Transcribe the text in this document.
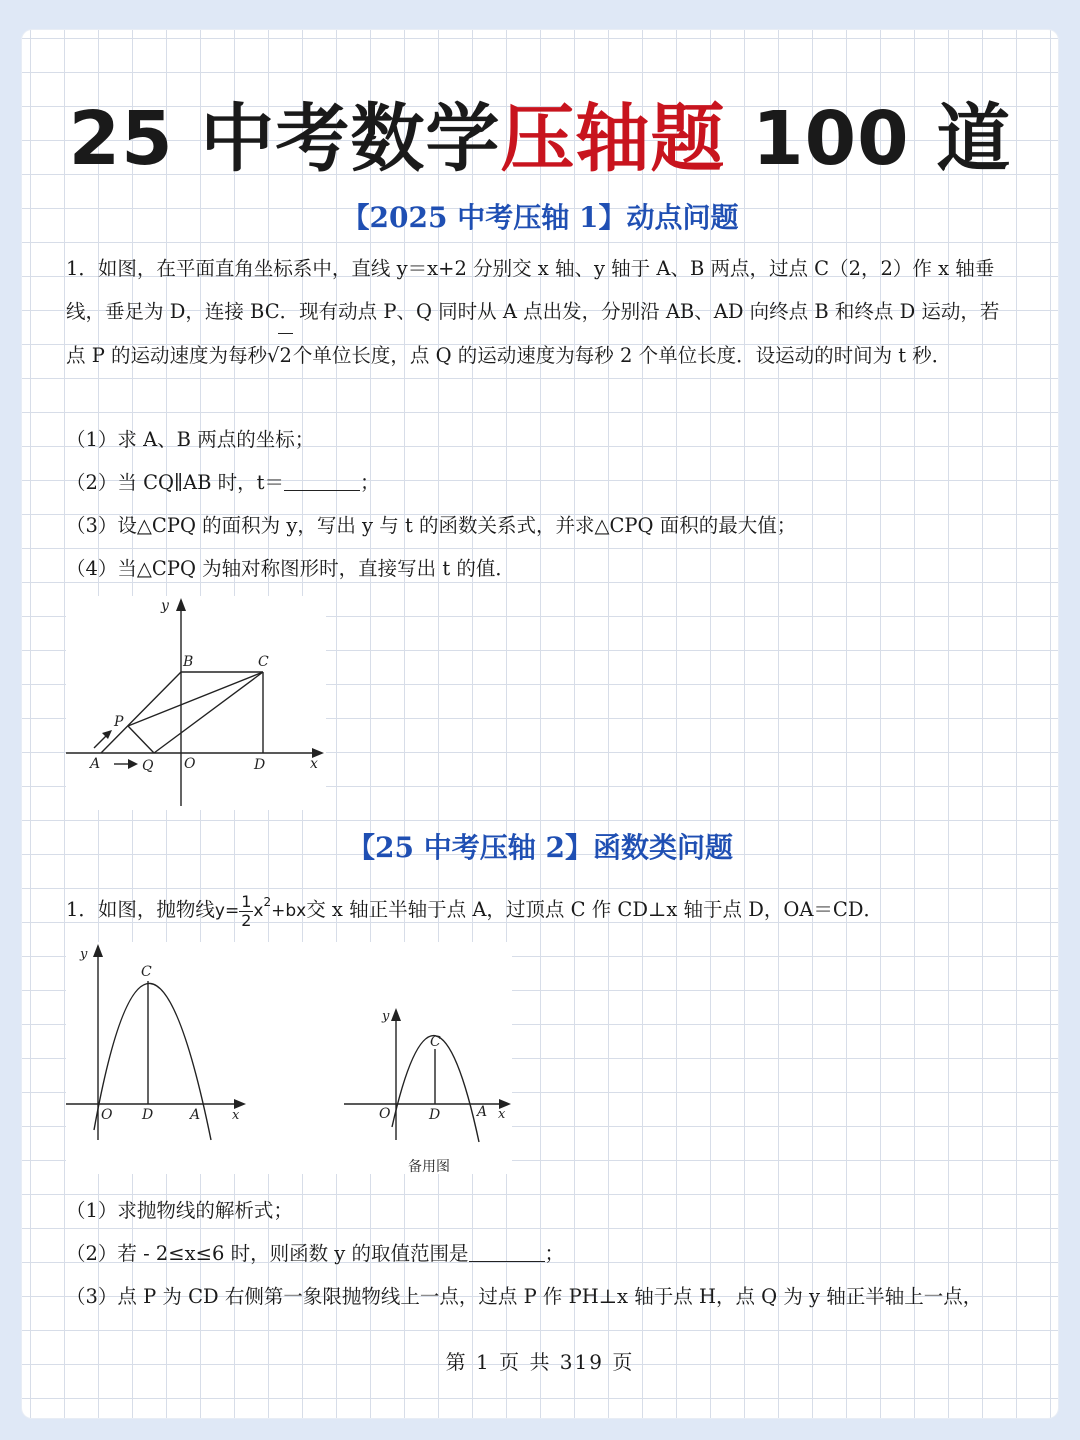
25 中考数学压轴题 100 道
【2025 中考压轴 1】动点问题
1．如图，在平面直角坐标系中，直线 y＝x+2 分别交 x 轴、y 轴于 A、B 两点，过点 C（2，2）作 x 轴垂线，垂足为 D，连接 BC．现有动点 P、Q 同时从 A 点出发，分别沿 AB、AD 向终点 B 和终点 D 运动，若点 P 的运动速度为每秒√2个单位长度，点 Q 的运动速度为每秒 2 个单位长度．设运动的时间为 t 秒．
（1）求 A、B 两点的坐标；
（2）当 CQ∥AB 时，t＝	；
（3）设△CPQ 的面积为 y，写出 y 与 t 的函数关系式，并求△CPQ 面积的最大值；
（4）当△CPQ 为轴对称图形时，直接写出 t 的值．
y
B	C
P
A	Q O	D	x
【25 中考压轴 2】函数类问题
1．如图，抛物线$y= \frac{1}{2} x^2+bx$交 x 轴正半轴于点 A，过顶点 C 作 CD⊥x 轴于点 D，OA＝CD．
y
C
O D	A x
y
C
O	D	A x
备用图
（1）求抛物线的解析式；
（2）若 - 2≤x≤6 时，则函数 y 的取值范围是	；
（3）点 P 为 CD 右侧第一象限抛物线上一点，过点 P 作 PH⊥x 轴于点 H，点 Q 为 y 轴正半轴上一点，
第 1 页 共 319 页
